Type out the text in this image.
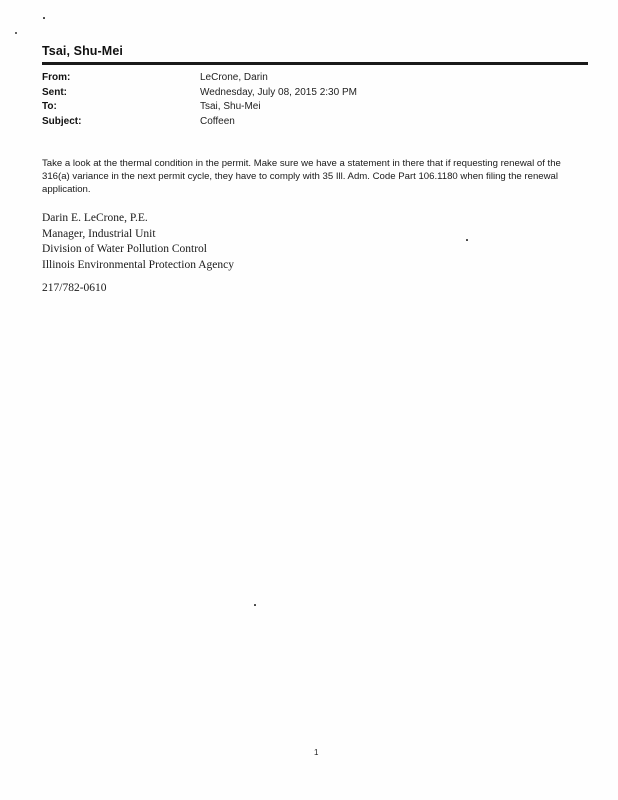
Tsai, Shu-Mei
From:	LeCrone, Darin
Sent:	Wednesday, July 08, 2015 2:30 PM
To:	Tsai, Shu-Mei
Subject:	Coffeen
Take a look at the thermal condition in the permit. Make sure we have a statement in there that if requesting renewal of the 316(a) variance in the next permit cycle, they have to comply with 35 Ill. Adm. Code Part 106.1180 when filing the renewal application.
Darin E. LeCrone, P.E.
Manager, Industrial Unit
Division of Water Pollution Control
Illinois Environmental Protection Agency
217/782-0610
1
